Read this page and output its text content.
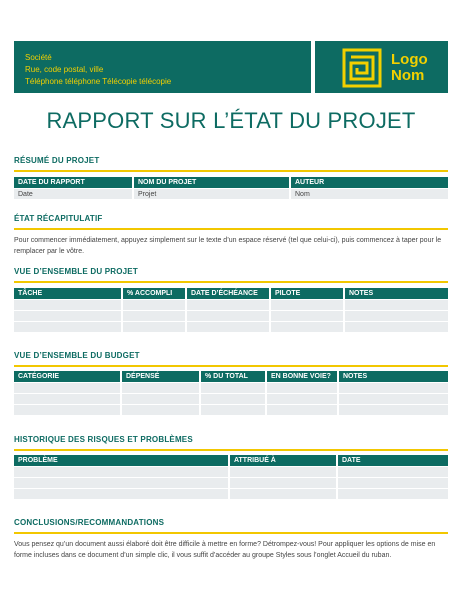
Société
Rue, code postal, ville
Téléphone téléphone Télécopie télécopie
Logo
Nom
RAPPORT SUR L’ÉTAT DU PROJET
RÉSUMÉ DU PROJET
DATE DU RAPPORT	NOM DU PROJET	AUTEUR
Date	Projet	Nom
ÉTAT RÉCAPITULATIF
Pour commencer immédiatement, appuyez simplement sur le texte d’un espace réservé (tel que celui-ci), puis commencez à taper pour le remplacer par le vôtre.
VUE D’ENSEMBLE DU PROJET
TÂCHE	% ACCOMPLI	DATE D’ÉCHÉANCE	PILOTE	NOTES

VUE D’ENSEMBLE DU BUDGET
CATÉGORIE	DÉPENSÉ	% DU TOTAL	EN BONNE VOIE?	NOTES

HISTORIQUE DES RISQUES ET PROBLÈMES
PROBLÈME	ATTRIBUÉ À	DATE

CONCLUSIONS/RECOMMANDATIONS
Vous pensez qu’un document aussi élaboré doit être difficile à mettre en forme? Détrompez-vous! Pour appliquer les options de mise en forme incluses dans ce document d’un simple clic, il vous suffit d’accéder au groupe Styles sous l’onglet Accueil du ruban.
